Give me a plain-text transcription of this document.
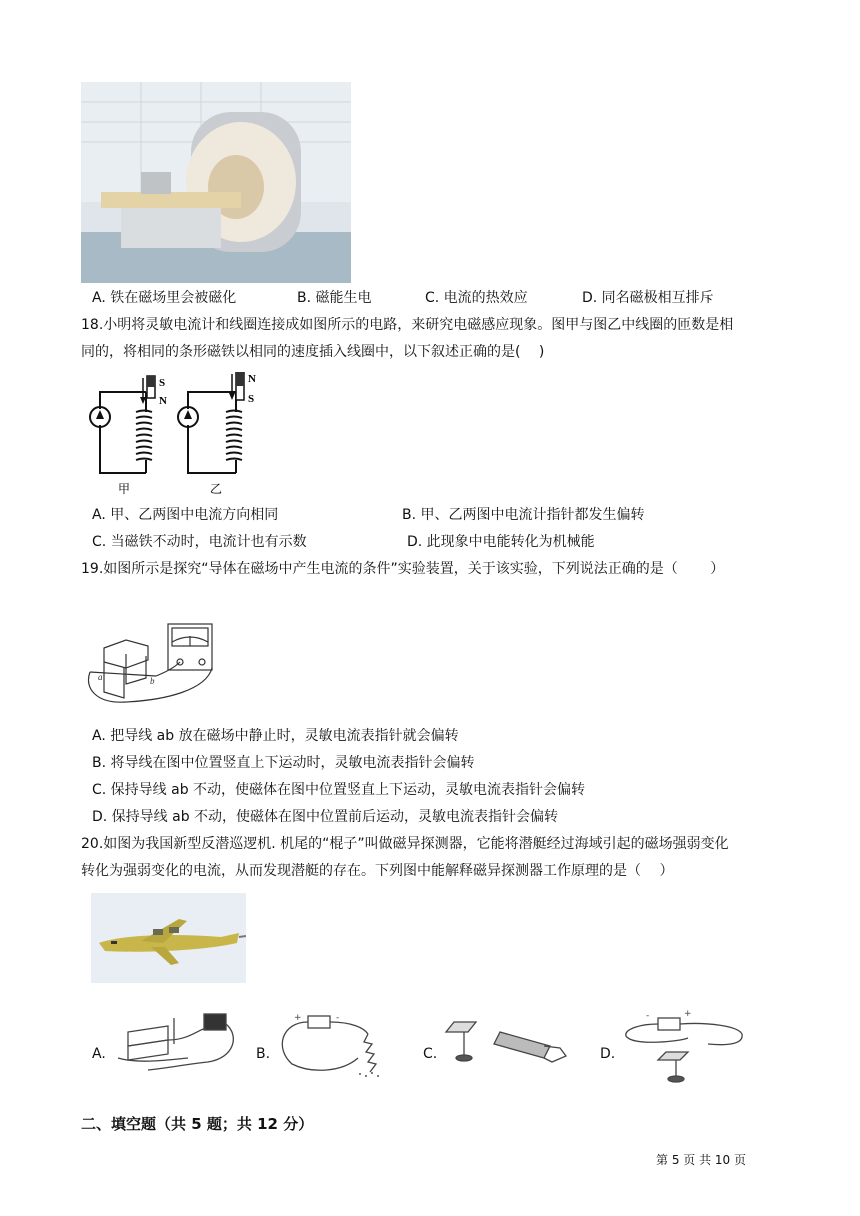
A. 铁在磁场里会被磁化	B. 磁能生电	C. 电流的热效应	D. 同名磁极相互排斥
18.小明将灵敏电流计和线圈连接成如图所示的电路，来研究电磁感应现象。图甲与图乙中线圈的匝数是相
同的，将相同的条形磁铁以相同的速度插入线圈中，以下叙述正确的是(　 )
S
N
N
S
甲	乙
A. 甲、乙两图中电流方向相同	B. 甲、乙两图中电流计指针都发生偏转
C. 当磁铁不动时，电流计也有示数	D. 此现象中电能转化为机械能
19.如图所示是探究“导体在磁场中产生电流的条件”实验装置，关于该实验，下列说法正确的是（　　 ）
a	b
A. 把导线 ab 放在磁场中静止时，灵敏电流表指针就会偏转
B. 将导线在图中位置竖直上下运动时，灵敏电流表指针会偏转
C. 保持导线 ab 不动，使磁体在图中位置竖直上下运动，灵敏电流表指针会偏转
D. 保持导线 ab 不动，使磁体在图中位置前后运动，灵敏电流表指针会偏转
20.如图为我国新型反潜巡逻机. 机尾的“棍子”叫做磁异探测器，它能将潜艇经过海域引起的磁场强弱变化
转化为强弱变化的电流，从而发现潜艇的存在。下列图中能解释磁异探测器工作原理的是（　 ）
A.	B.
+	-
C.	D.
-	+
二、填空题（共 5 题；共 12 分）
第 5 页 共 10 页
